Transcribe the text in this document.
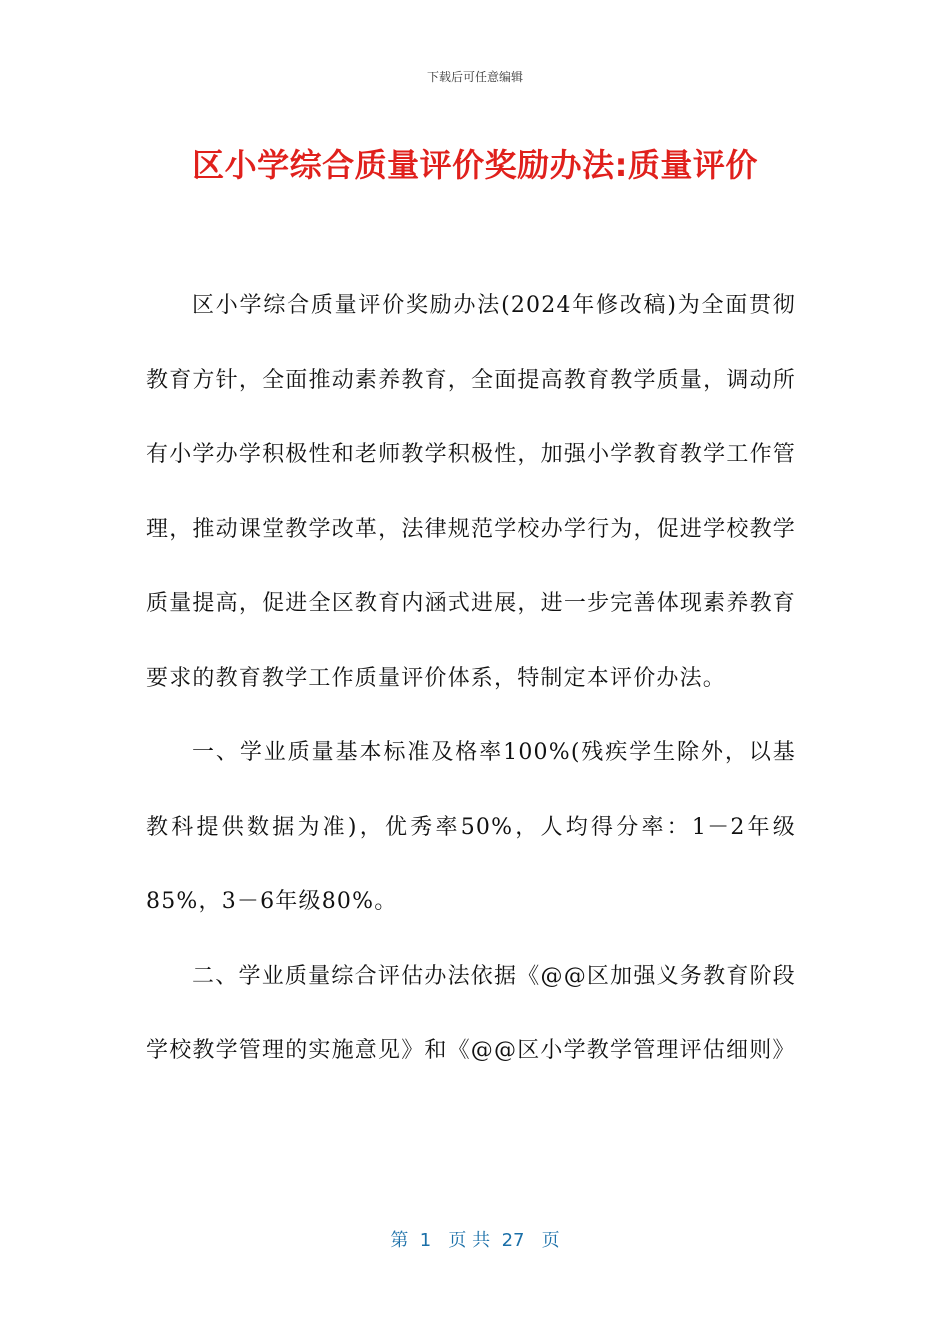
下载后可任意编辑
区小学综合质量评价奖励办法:质量评价

区小学综合质量评价奖励办法(2024年修改稿)为全面贯彻教育方针，全面推动素养教育，全面提高教育教学质量，调动所有小学办学积极性和老师教学积极性，加强小学教育教学工作管理，推动课堂教学改革，法律规范学校办学行为，促进学校教学质量提高，促进全区教育内涵式进展，进一步完善体现素养教育要求的教育教学工作质量评价体系，特制定本评价办法。

一、学业质量基本标准及格率100%(残疾学生除外，以基教科提供数据为准)，优秀率50%，人均得分率：1－2年级85%，3－6年级80%。

二、学业质量综合评估办法依据《@@区加强义务教育阶段学校教学管理的实施意见》和《@@区小学教学管理评估细则》

第  1   页 共  27   页
